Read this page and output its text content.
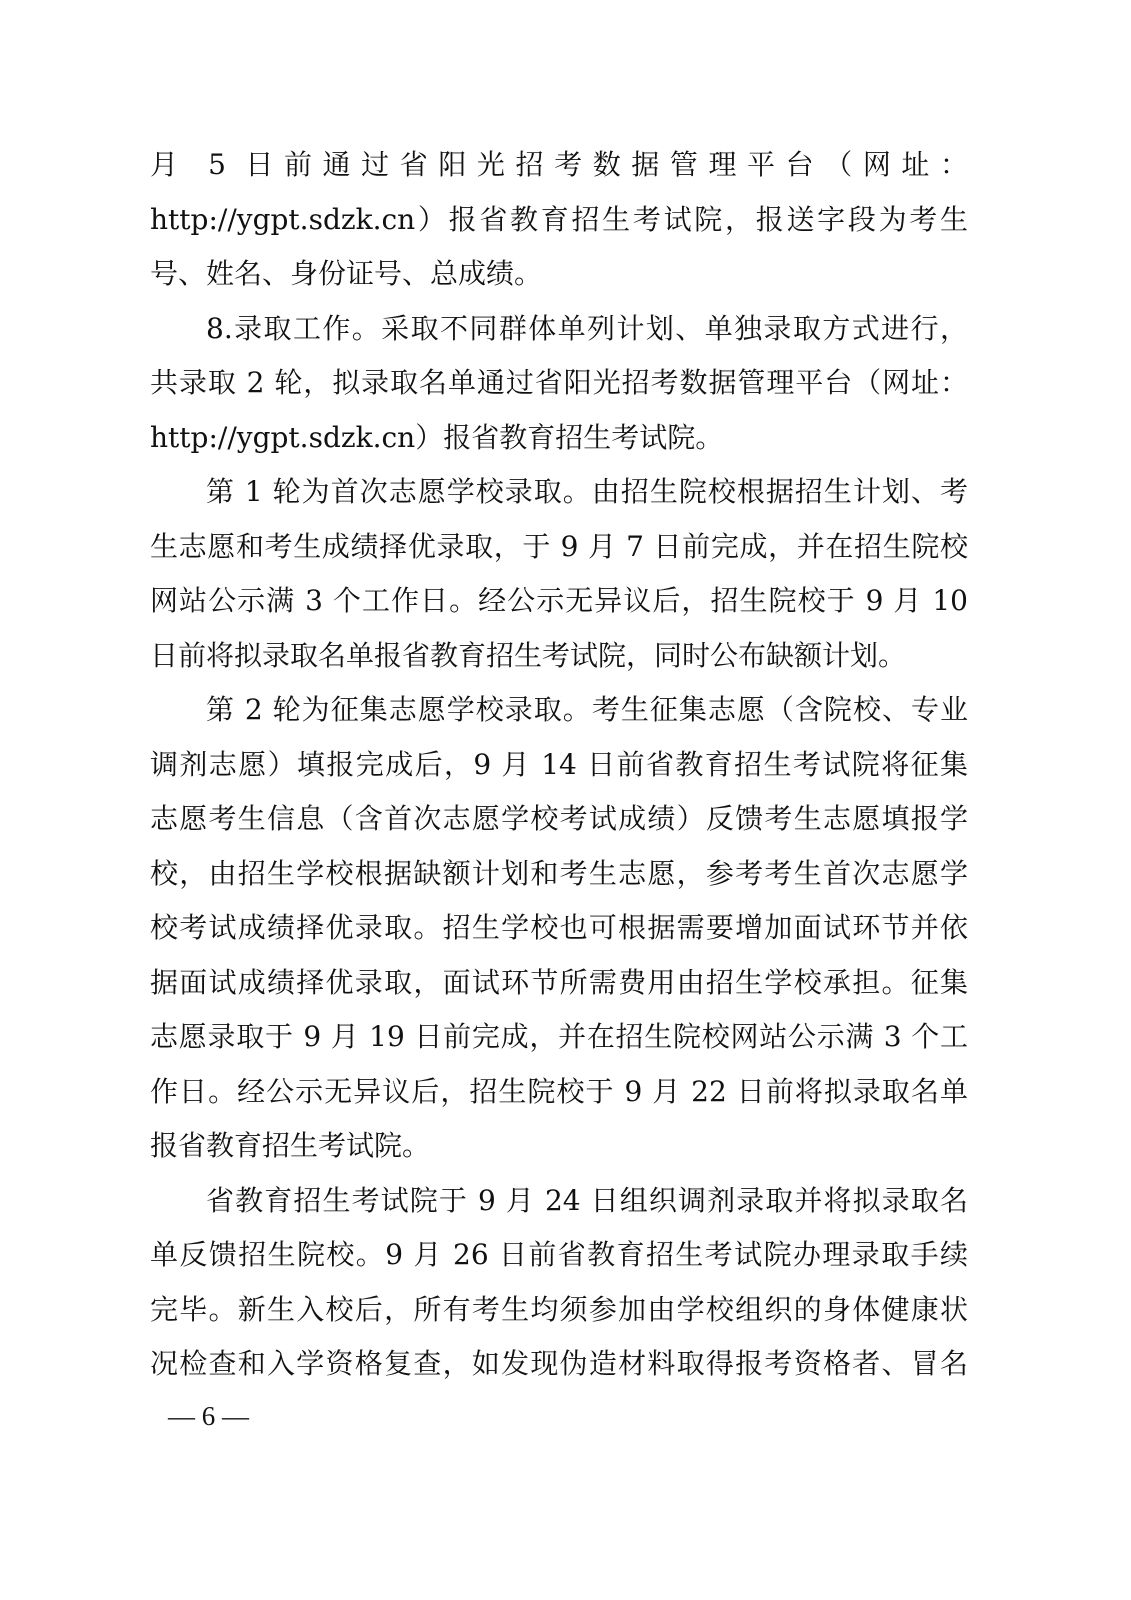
月 5 日前通过省阳光招考数据管理平台（网址：
http://ygpt.sdzk.cn）报省教育招生考试院，报送字段为考生
号、姓名、身份证号、总成绩。
8.录取工作。采取不同群体单列计划、单独录取方式进行，
共录取 2 轮，拟录取名单通过省阳光招考数据管理平台（网址：
http://ygpt.sdzk.cn）报省教育招生考试院。
第 1 轮为首次志愿学校录取。由招生院校根据招生计划、考
生志愿和考生成绩择优录取，于 9 月 7 日前完成，并在招生院校
网站公示满 3 个工作日。经公示无异议后，招生院校于 9 月 10
日前将拟录取名单报省教育招生考试院，同时公布缺额计划。
第 2 轮为征集志愿学校录取。考生征集志愿（含院校、专业
调剂志愿）填报完成后，9 月 14 日前省教育招生考试院将征集
志愿考生信息（含首次志愿学校考试成绩）反馈考生志愿填报学
校，由招生学校根据缺额计划和考生志愿，参考考生首次志愿学
校考试成绩择优录取。招生学校也可根据需要增加面试环节并依
据面试成绩择优录取，面试环节所需费用由招生学校承担。征集
志愿录取于 9 月 19 日前完成，并在招生院校网站公示满 3 个工
作日。经公示无异议后，招生院校于 9 月 22 日前将拟录取名单
报省教育招生考试院。
省教育招生考试院于 9 月 24 日组织调剂录取并将拟录取名
单反馈招生院校。9 月 26 日前省教育招生考试院办理录取手续
完毕。新生入校后，所有考生均须参加由学校组织的身体健康状
况检查和入学资格复查，如发现伪造材料取得报考资格者、冒名
— 6 —
